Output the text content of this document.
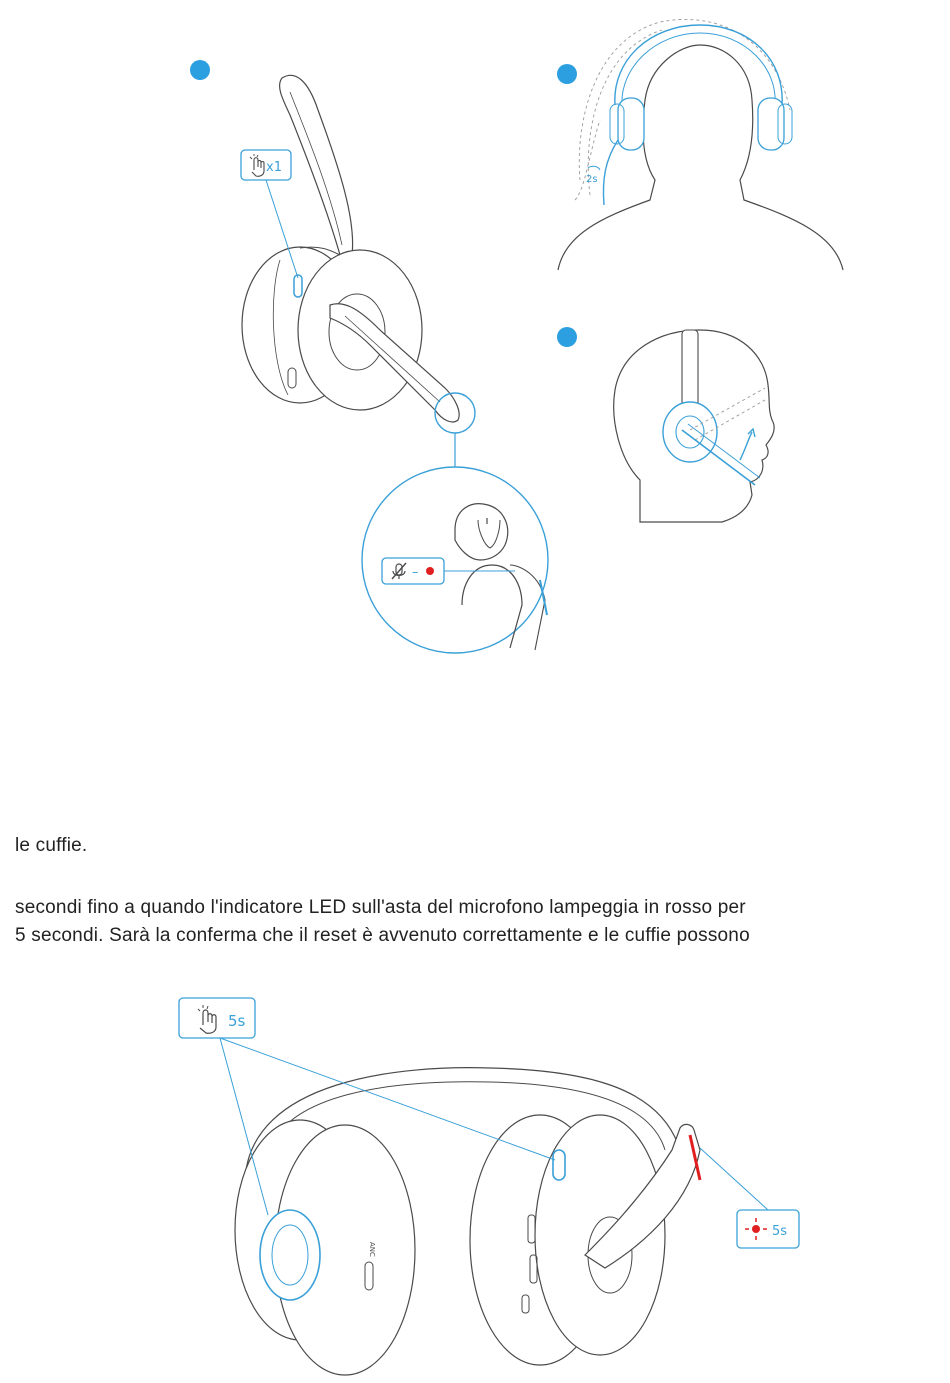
x1
–
2s
ANC
5s
5s
le cuffie.
secondi fino a quando l'indicatore LED sull'asta del microfono lampeggia in rosso per
5 secondi. Sarà la conferma che il reset è avvenuto correttamente e le cuffie possono
